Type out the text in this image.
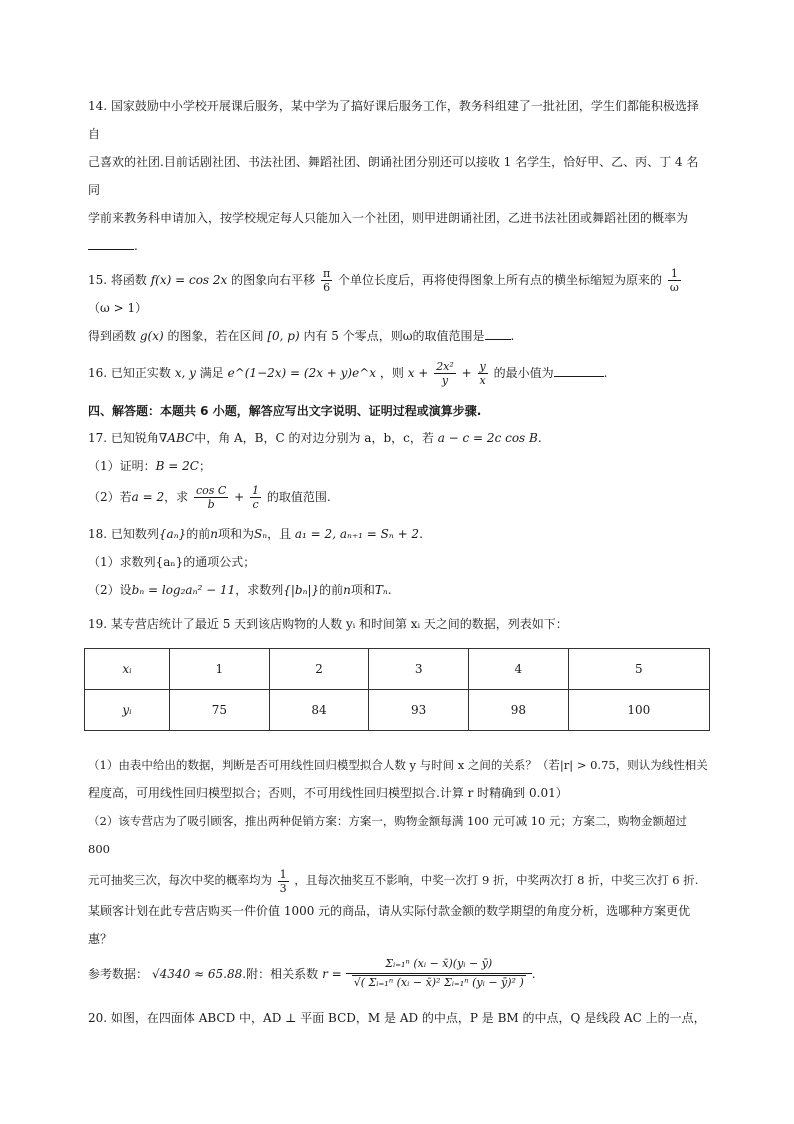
14. 国家鼓励中小学校开展课后服务，某中学为了搞好课后服务工作，教务科组建了一批社团，学生们都能积极选择自

己喜欢的社团.目前话剧社团、书法社团、舞蹈社团、朗诵社团分别还可以接收 1 名学生，恰好甲、乙、丙、丁 4 名同

学前来教务科申请加入，按学校规定每人只能加入一个社团，则甲进朗诵社团，乙进书法社团或舞蹈社团的概率为

.

15. 将函数 f(x) = cos 2x 的图象向右平移 $\frac{\pi}{6}$ 个单位长度后，再将使得图象上所有点的横坐标缩短为原来的 $\frac{1}{\omega}$
（ω > 1）

得到函数 g(x) 的图象，若在区间 [0, p) 内有 5 个零点，则ω的取值范围是 .

16. 已知正实数 x, y 满足 e^(1−2x) = (2x + y)e^x ，则 $x + \frac{\text{2x²}}{y} + \frac{y}{x}$ 的最小值为	.

四、解答题：本题共 6 小题，解答应写出文字说明、证明过程或演算步骤.

17. 已知锐角∇ABC中，角 A，B，C 的对边分别为 a，b，c，若 a − c = 2c cos B.

（1）证明：B = 2C；

（2）若a = 2，求 $\frac{\text{cos C}}{b} + \frac{1}{c}$ 的取值范围.

18. 已知数列{aₙ}的前n项和为Sₙ，且 a₁ = 2, aₙ₊₁ = Sₙ + 2.

（1）求数列{aₙ}的通项公式；

（2）设bₙ = log₂aₙ² − 11，求数列{|bₙ|}的前n项和Tₙ.

19. 某专营店统计了最近 5 天到该店购物的人数 yᵢ 和时间第 xᵢ 天之间的数据，列表如下：

xᵢ	1	2	3	4	5
yᵢ	75	84	93	98	100

（1）由表中给出的数据，判断是否可用线性回归模型拟合人数 y 与时间 x 之间的关系？（若|r| > 0.75，则认为线性相关

程度高，可用线性回归模型拟合；否则，不可用线性回归模型拟合.计算 r 时精确到 0.01）

（2）该专营店为了吸引顾客，推出两种促销方案：方案一，购物金额每满 100 元可减 10 元；方案二，购物金额超过 800

元可抽奖三次，每次中奖的概率均为 $\frac{1}{3}$ ，且每次抽奖互不影响，中奖一次打 9 折，中奖两次打 8 折，中奖三次打 6 折.

某顾客计划在此专营店购买一件价值 1000 元的商品，请从实际付款金额的数学期望的角度分析，选哪种方案更优惠？

参考数据： √4340 ≈ 65.88 .附：相关系数 $r = \frac{\text{Σᵢ₌₁ⁿ (xᵢ − x̄)(yᵢ − ȳ)}}{\text{√( Σᵢ₌₁ⁿ (xᵢ − x̄)² Σᵢ₌₁ⁿ (yᵢ − ȳ)² )}}$ .

20. 如图，在四面体 ABCD 中，AD ⊥ 平面 BCD，M 是 AD 的中点，P 是 BM 的中点，Q 是线段 AC 上的一点，
